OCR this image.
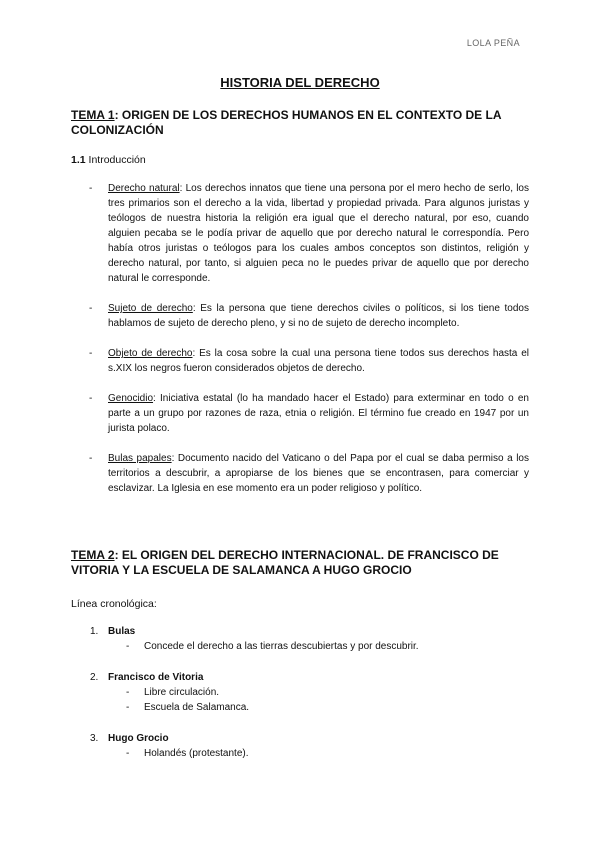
LOLA PEÑA
HISTORIA DEL DERECHO
TEMA 1: ORIGEN DE LOS DERECHOS HUMANOS EN EL CONTEXTO DE LA COLONIZACIÓN
1.1 Introducción
- Derecho natural: Los derechos innatos que tiene una persona por el mero hecho de serlo, los tres primarios son el derecho a la vida, libertad y propiedad privada. Para algunos juristas y teólogos de nuestra historia la religión era igual que el derecho natural, por eso, cuando alguien pecaba se le podía privar de aquello que por derecho natural le correspondía. Pero había otros juristas o teólogos para los cuales ambos conceptos son distintos, religión y derecho natural, por tanto, si alguien peca no le puedes privar de aquello que por derecho natural le corresponde.
- Sujeto de derecho: Es la persona que tiene derechos civiles o políticos, si los tiene todos hablamos de sujeto de derecho pleno, y si no de sujeto de derecho incompleto.
- Objeto de derecho: Es la cosa sobre la cual una persona tiene todos sus derechos hasta el s.XIX los negros fueron considerados objetos de derecho.
- Genocidio: Iniciativa estatal (lo ha mandado hacer el Estado) para exterminar en todo o en parte a un grupo por razones de raza, etnia o religión. El término fue creado en 1947 por un jurista polaco.
- Bulas papales: Documento nacido del Vaticano o del Papa por el cual se daba permiso a los territorios a descubrir, a apropiarse de los bienes que se encontrasen, para comerciar y esclavizar. La Iglesia en ese momento era un poder religioso y político.
TEMA 2: EL ORIGEN DEL DERECHO INTERNACIONAL. DE FRANCISCO DE VITORIA Y LA ESCUELA DE SALAMANCA A HUGO GROCIO
Línea cronológica:
1. Bulas
- Concede el derecho a las tierras descubiertas y por descubrir.
2. Francisco de Vitoria
- Libre circulación.
- Escuela de Salamanca.
3. Hugo Grocio
- Holandés (protestante).
